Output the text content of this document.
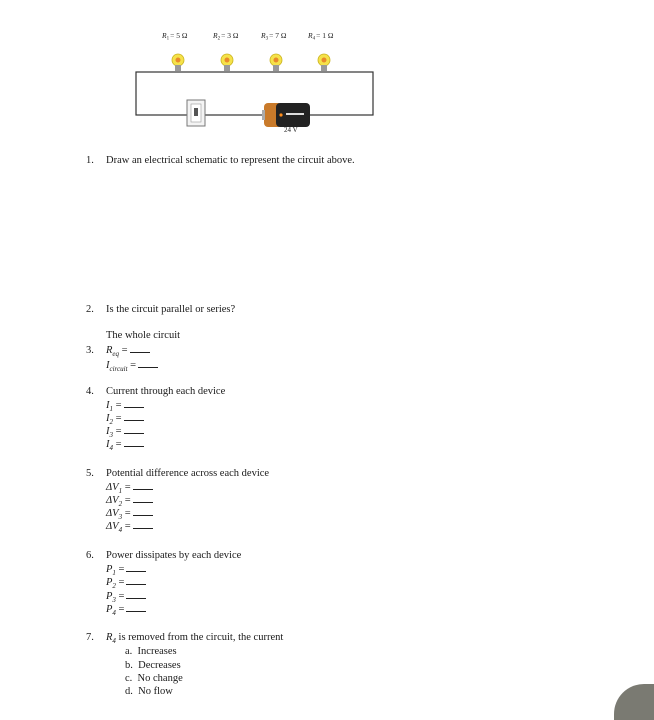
$R_1= 5$ Ω	$R_2= 3$ Ω	$R_3= 7$ Ω	$R_4= 1$ Ω
24 V
1. Draw an electrical schematic to represent the circuit above.
2. Is the circuit parallel or series?
The whole circuit
3. $R_{eq}$ =
$I_{circuit}$ =
4. Current through each device
$I_1$ =
$I_2$ =
$I_3$ =
$I_4$ =
5. Potential difference across each device
$\Delta V_1$ =
$\Delta V_2$ =
$\Delta V_3$ =
$\Delta V_4$ =
6. Power dissipates by each device
$P_1$ =
$P_2$ =
$P_3$ =
$P_4$ =
7. $R_4$ is removed from the circuit, the current
a. Increases
b. Decreases
c. No change
d. No flow
